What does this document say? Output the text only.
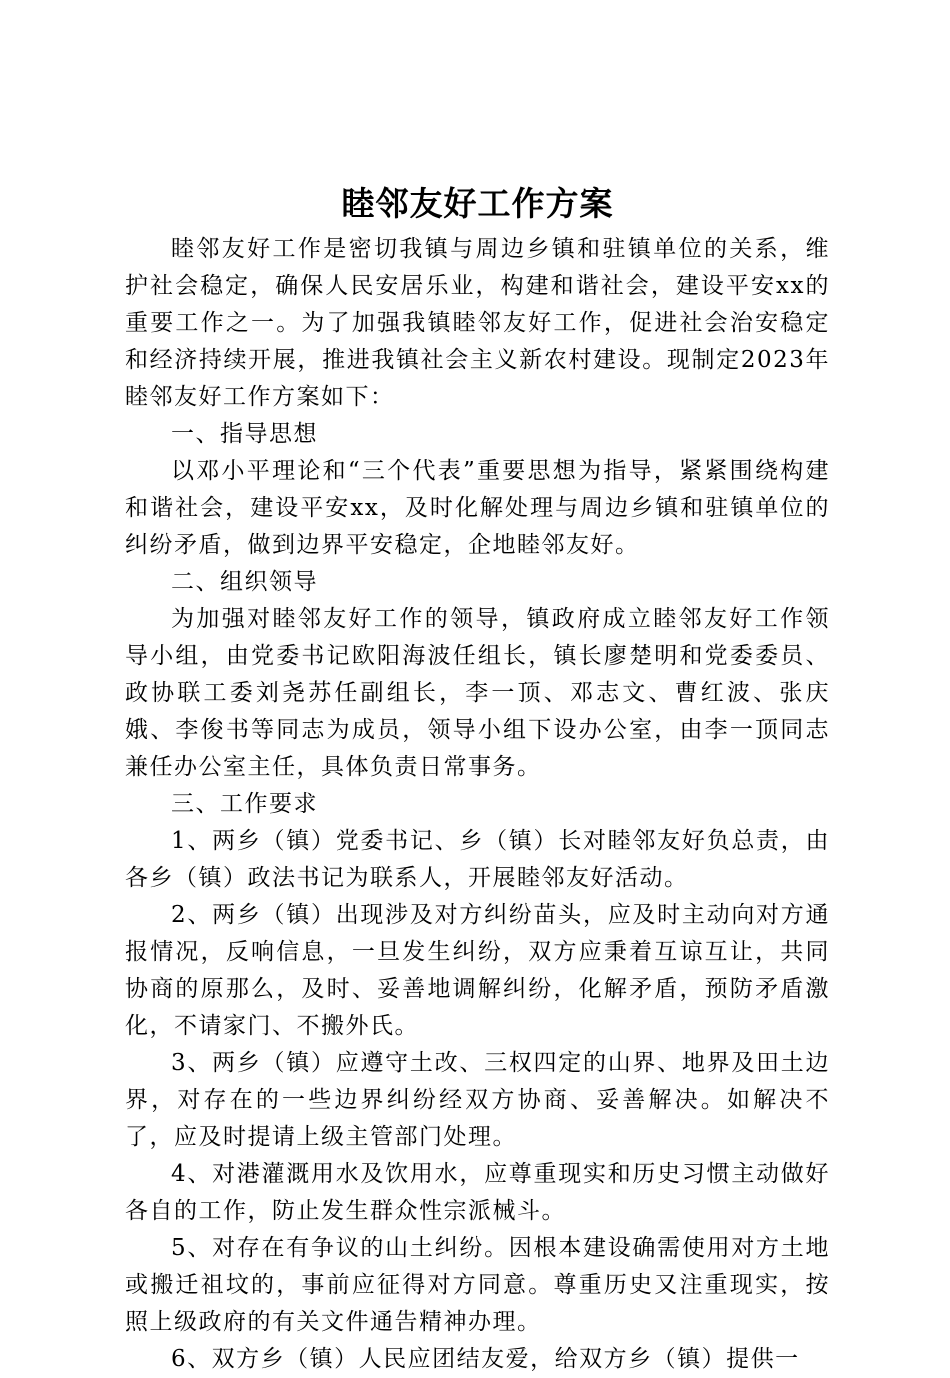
睦邻友好工作方案

睦邻友好工作是密切我镇与周边乡镇和驻镇单位的关系，维护社会稳定，确保人民安居乐业，构建和谐社会，建设平安xx的重要工作之一。为了加强我镇睦邻友好工作，促进社会治安稳定和经济持续开展，推进我镇社会主义新农村建设。现制定2023年睦邻友好工作方案如下：

一、指导思想

以邓小平理论和“三个代表”重要思想为指导，紧紧围绕构建和谐社会，建设平安xx，及时化解处理与周边乡镇和驻镇单位的纠纷矛盾，做到边界平安稳定，企地睦邻友好。

二、组织领导

为加强对睦邻友好工作的领导，镇政府成立睦邻友好工作领导小组，由党委书记欧阳海波任组长，镇长廖楚明和党委委员、政协联工委刘尧苏任副组长，李一顶、邓志文、曹红波、张庆娥、李俊书等同志为成员，领导小组下设办公室，由李一顶同志兼任办公室主任，具体负责日常事务。

三、工作要求

1、两乡（镇）党委书记、乡（镇）长对睦邻友好负总责，由各乡（镇）政法书记为联系人，开展睦邻友好活动。

2、两乡（镇）出现涉及对方纠纷苗头，应及时主动向对方通报情况，反响信息，一旦发生纠纷，双方应秉着互谅互让，共同协商的原那么，及时、妥善地调解纠纷，化解矛盾，预防矛盾激化，不请家门、不搬外氏。

3、两乡（镇）应遵守土改、三权四定的山界、地界及田土边界，对存在的一些边界纠纷经双方协商、妥善解决。如解决不了，应及时提请上级主管部门处理。

4、对港灌溉用水及饮用水，应尊重现实和历史习惯主动做好各自的工作，防止发生群众性宗派械斗。

5、对存在有争议的山土纠纷。因根本建设确需使用对方土地或搬迁祖坟的，事前应征得对方同意。尊重历史又注重现实，按照上级政府的有关文件通告精神办理。

6、双方乡（镇）人民应团结友爱，给双方乡（镇）提供一
